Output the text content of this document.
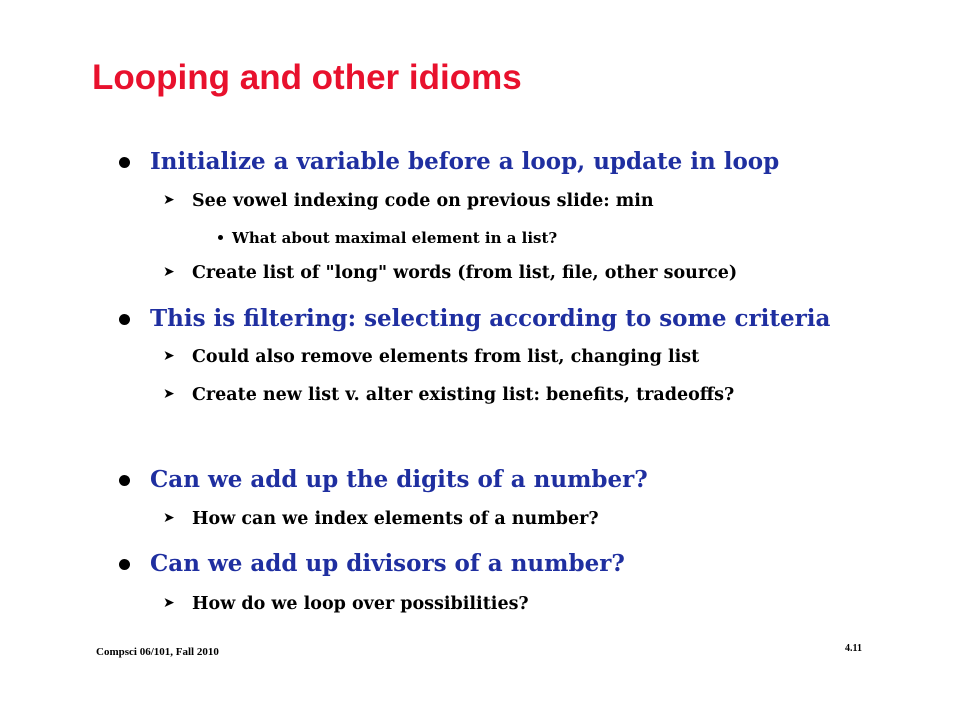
Looping and other idioms
Initialize a variable before a loop, update in loop
➤ See vowel indexing code on previous slide: min
What about maximal element in a list?
➤ Create list of "long" words (from list, file, other source)
This is filtering: selecting according to some criteria
➤ Could also remove elements from list, changing list
➤ Create new list v. alter existing list: benefits, tradeoffs?
Can we add up the digits of a number?
➤ How can we index elements of a number?
Can we add up divisors of a number?
➤ How do we loop over possibilities?
Compsci 06/101, Fall 2010	4.11
